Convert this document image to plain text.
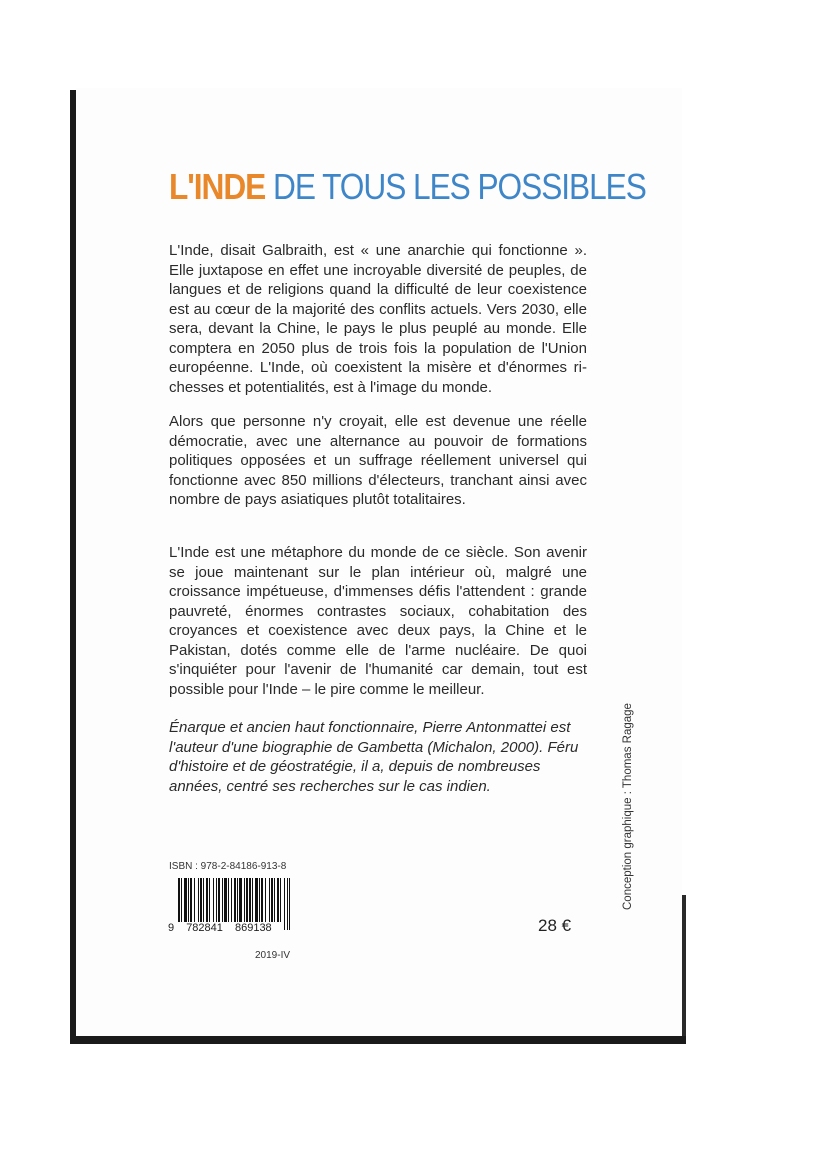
L'INDE DE TOUS LES POSSIBLES

L'Inde, disait Galbraith, est « une anarchie qui fonctionne ». Elle juxtapose en effet une incroyable diversité de peuples, de langues et de religions quand la difficulté de leur coexistence est au cœur de la majorité des conflits actuels. Vers 2030, elle sera, devant la Chine, le pays le plus peuplé au monde. Elle comptera en 2050 plus de trois fois la population de l'Union européenne. L'Inde, où coexistent la misère et d'énormes richesses et potentialités, est à l'image du monde.

Alors que personne n'y croyait, elle est devenue une réelle démocratie, avec une alternance au pouvoir de formations politiques opposées et un suffrage réellement universel qui fonctionne avec 850 millions d'électeurs, tranchant ainsi avec nombre de pays asiatiques plutôt totalitaires.

L'Inde est une métaphore du monde de ce siècle. Son avenir se joue maintenant sur le plan intérieur où, malgré une croissance impétueuse, d'immenses défis l'attendent : grande pauvreté, énormes contrastes sociaux, cohabitation des croyances et coexistence avec deux pays, la Chine et le Pakistan, dotés comme elle de l'arme nucléaire. De quoi s'inquiéter pour l'avenir de l'humanité car demain, tout est possible pour l'Inde – le pire comme le meilleur.

Énarque et ancien haut fonctionnaire, Pierre Antonmattei est l'auteur d'une biographie de Gambetta (Michalon, 2000). Féru d'histoire et de géostratégie, il a, depuis de nombreuses années, centré ses recherches sur le cas indien.	Conception graphique : Thomas Ragage
ISBN : 978-2-84186-913-8
9 782841 869138
2019-IV
28 €
